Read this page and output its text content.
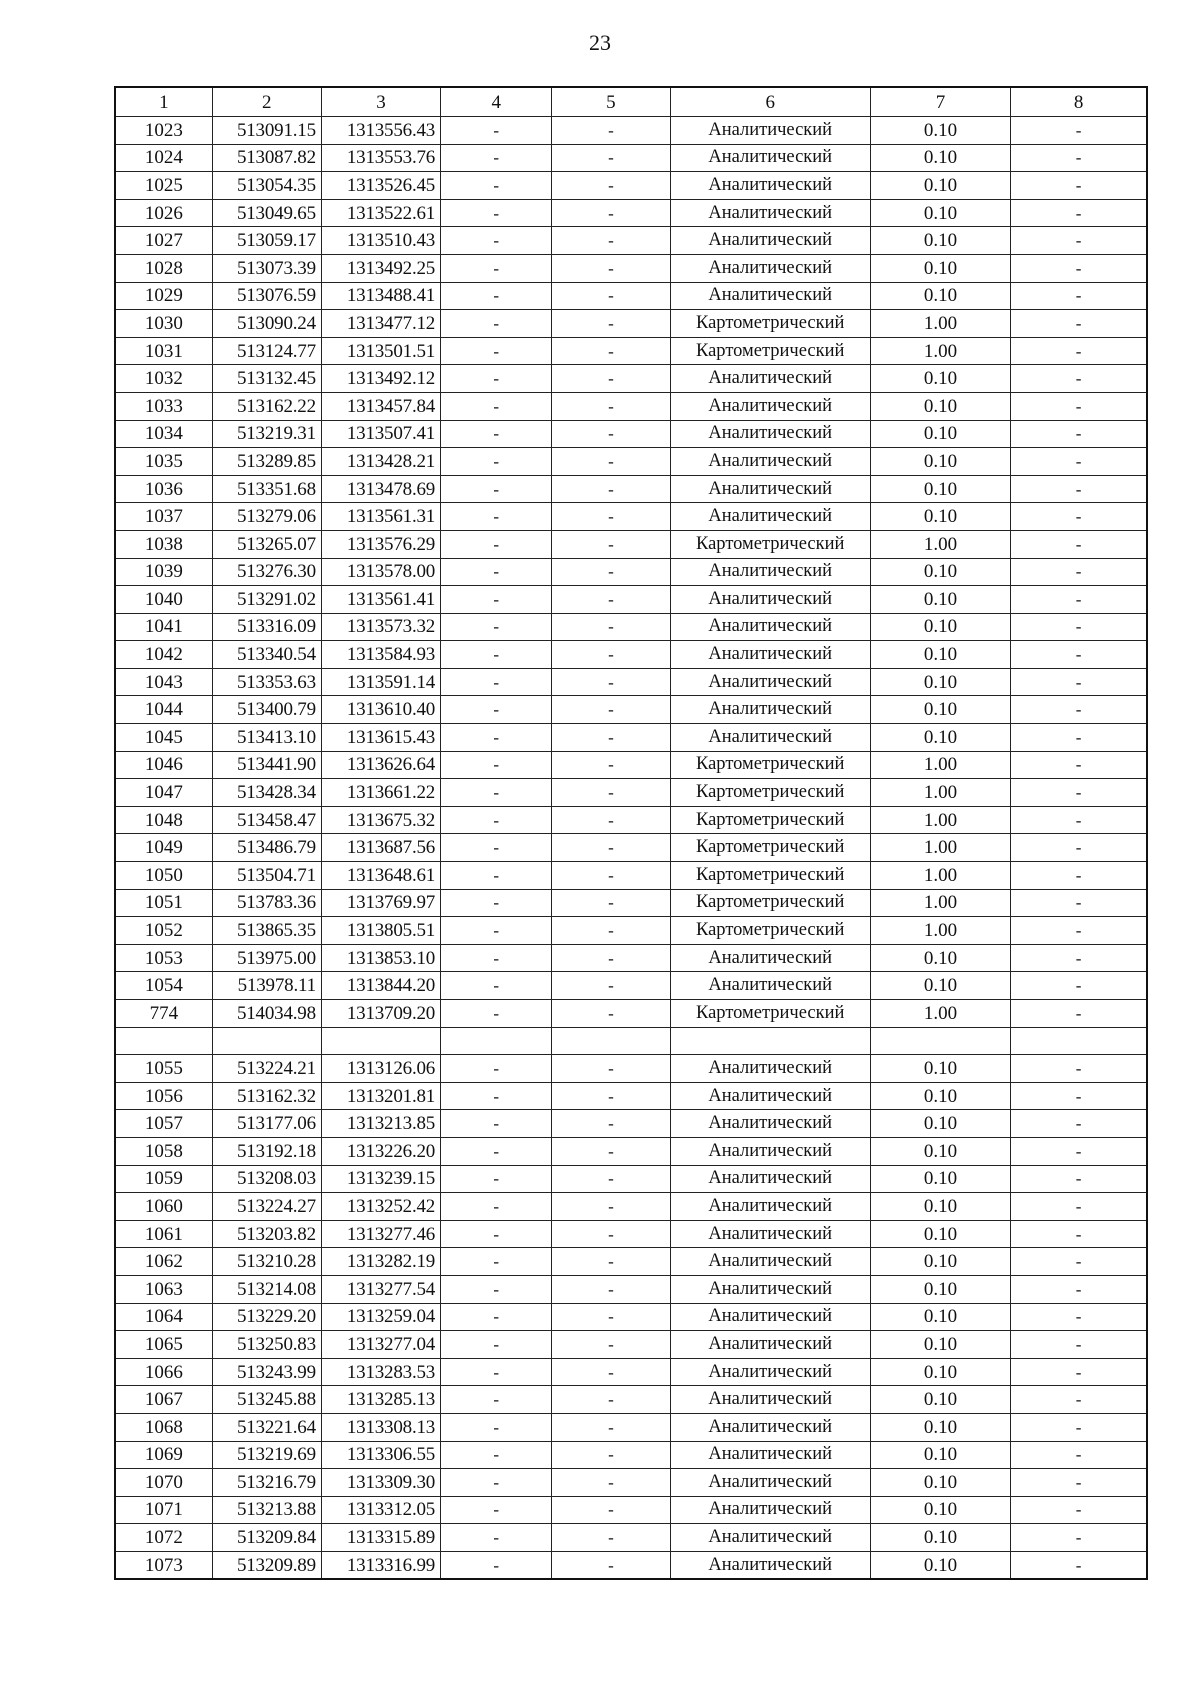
23
1	2	3	4	5	6	7	8
1023	513091.15	1313556.43	-	-	Аналитический	0.10	-
1024	513087.82	1313553.76	-	-	Аналитический	0.10	-
1025	513054.35	1313526.45	-	-	Аналитический	0.10	-
1026	513049.65	1313522.61	-	-	Аналитический	0.10	-
1027	513059.17	1313510.43	-	-	Аналитический	0.10	-
1028	513073.39	1313492.25	-	-	Аналитический	0.10	-
1029	513076.59	1313488.41	-	-	Аналитический	0.10	-
1030	513090.24	1313477.12	-	-	Картометрический	1.00	-
1031	513124.77	1313501.51	-	-	Картометрический	1.00	-
1032	513132.45	1313492.12	-	-	Аналитический	0.10	-
1033	513162.22	1313457.84	-	-	Аналитический	0.10	-
1034	513219.31	1313507.41	-	-	Аналитический	0.10	-
1035	513289.85	1313428.21	-	-	Аналитический	0.10	-
1036	513351.68	1313478.69	-	-	Аналитический	0.10	-
1037	513279.06	1313561.31	-	-	Аналитический	0.10	-
1038	513265.07	1313576.29	-	-	Картометрический	1.00	-
1039	513276.30	1313578.00	-	-	Аналитический	0.10	-
1040	513291.02	1313561.41	-	-	Аналитический	0.10	-
1041	513316.09	1313573.32	-	-	Аналитический	0.10	-
1042	513340.54	1313584.93	-	-	Аналитический	0.10	-
1043	513353.63	1313591.14	-	-	Аналитический	0.10	-
1044	513400.79	1313610.40	-	-	Аналитический	0.10	-
1045	513413.10	1313615.43	-	-	Аналитический	0.10	-
1046	513441.90	1313626.64	-	-	Картометрический	1.00	-
1047	513428.34	1313661.22	-	-	Картометрический	1.00	-
1048	513458.47	1313675.32	-	-	Картометрический	1.00	-
1049	513486.79	1313687.56	-	-	Картометрический	1.00	-
1050	513504.71	1313648.61	-	-	Картометрический	1.00	-
1051	513783.36	1313769.97	-	-	Картометрический	1.00	-
1052	513865.35	1313805.51	-	-	Картометрический	1.00	-
1053	513975.00	1313853.10	-	-	Аналитический	0.10	-
1054	513978.11	1313844.20	-	-	Аналитический	0.10	-
774	514034.98	1313709.20	-	-	Картометрический	1.00	-

1055	513224.21	1313126.06	-	-	Аналитический	0.10	-
1056	513162.32	1313201.81	-	-	Аналитический	0.10	-
1057	513177.06	1313213.85	-	-	Аналитический	0.10	-
1058	513192.18	1313226.20	-	-	Аналитический	0.10	-
1059	513208.03	1313239.15	-	-	Аналитический	0.10	-
1060	513224.27	1313252.42	-	-	Аналитический	0.10	-
1061	513203.82	1313277.46	-	-	Аналитический	0.10	-
1062	513210.28	1313282.19	-	-	Аналитический	0.10	-
1063	513214.08	1313277.54	-	-	Аналитический	0.10	-
1064	513229.20	1313259.04	-	-	Аналитический	0.10	-
1065	513250.83	1313277.04	-	-	Аналитический	0.10	-
1066	513243.99	1313283.53	-	-	Аналитический	0.10	-
1067	513245.88	1313285.13	-	-	Аналитический	0.10	-
1068	513221.64	1313308.13	-	-	Аналитический	0.10	-
1069	513219.69	1313306.55	-	-	Аналитический	0.10	-
1070	513216.79	1313309.30	-	-	Аналитический	0.10	-
1071	513213.88	1313312.05	-	-	Аналитический	0.10	-
1072	513209.84	1313315.89	-	-	Аналитический	0.10	-
1073	513209.89	1313316.99	-	-	Аналитический	0.10	-
